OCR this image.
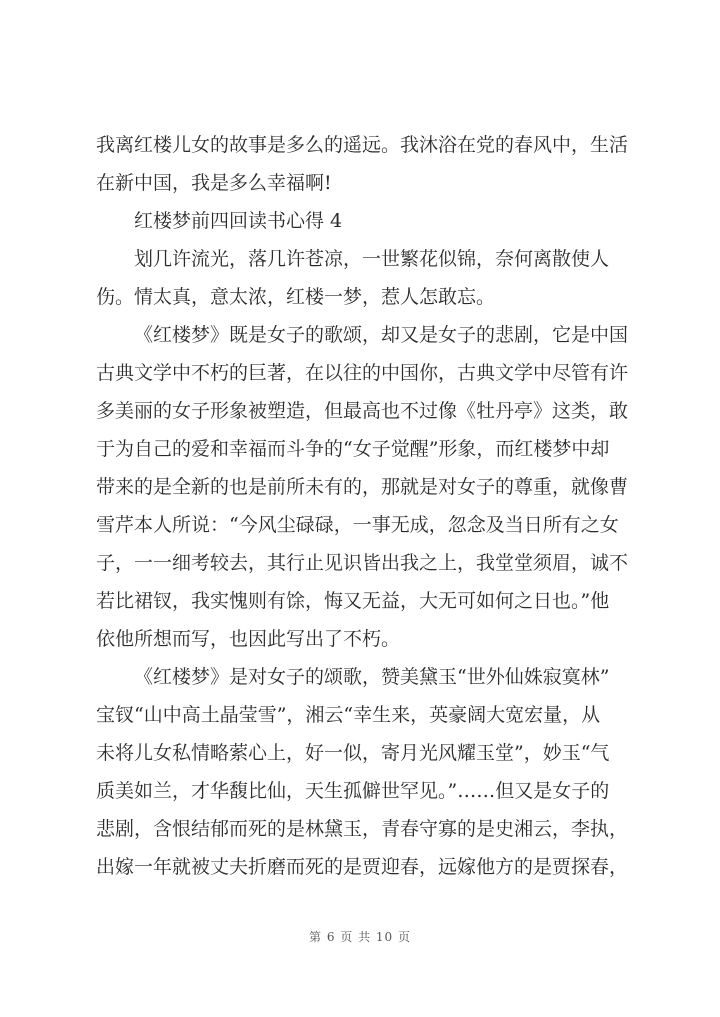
我离红楼儿女的故事是多么的遥远。我沐浴在党的春风中，生活
在新中国，我是多么幸福啊!
红楼梦前四回读书心得 4
划几许流光，落几许苍凉，一世繁花似锦，奈何离散使人
伤。情太真，意太浓，红楼一梦，惹人怎敢忘。
《红楼梦》既是女子的歌颂，却又是女子的悲剧，它是中国
古典文学中不朽的巨著，在以往的中国你，古典文学中尽管有许
多美丽的女子形象被塑造，但最高也不过像《牡丹亭》这类，敢
于为自己的爱和幸福而斗争的“女子觉醒”形象，而红楼梦中却
带来的是全新的也是前所未有的，那就是对女子的尊重，就像曹
雪芹本人所说：“今风尘碌碌，一事无成，忽念及当日所有之女
子，一一细考较去，其行止见识皆出我之上，我堂堂须眉，诚不
若比裙钗，我实愧则有馀，悔又无益，大无可如何之日也。”他
依他所想而写，也因此写出了不朽。
《红楼梦》是对女子的颂歌，赞美黛玉“世外仙姝寂寞林”
宝钗“山中高土晶莹雪”，湘云“幸生来，英豪阔大宽宏量，从
未将儿女私情略萦心上，好一似，寄月光风耀玉堂”，妙玉“气
质美如兰，才华馥比仙，天生孤僻世罕见。”……但又是女子的
悲剧，含恨结郁而死的是林黛玉，青春守寡的是史湘云，李执，
出嫁一年就被丈夫折磨而死的是贾迎春，远嫁他方的是贾探春，
第 6 页 共 10 页
